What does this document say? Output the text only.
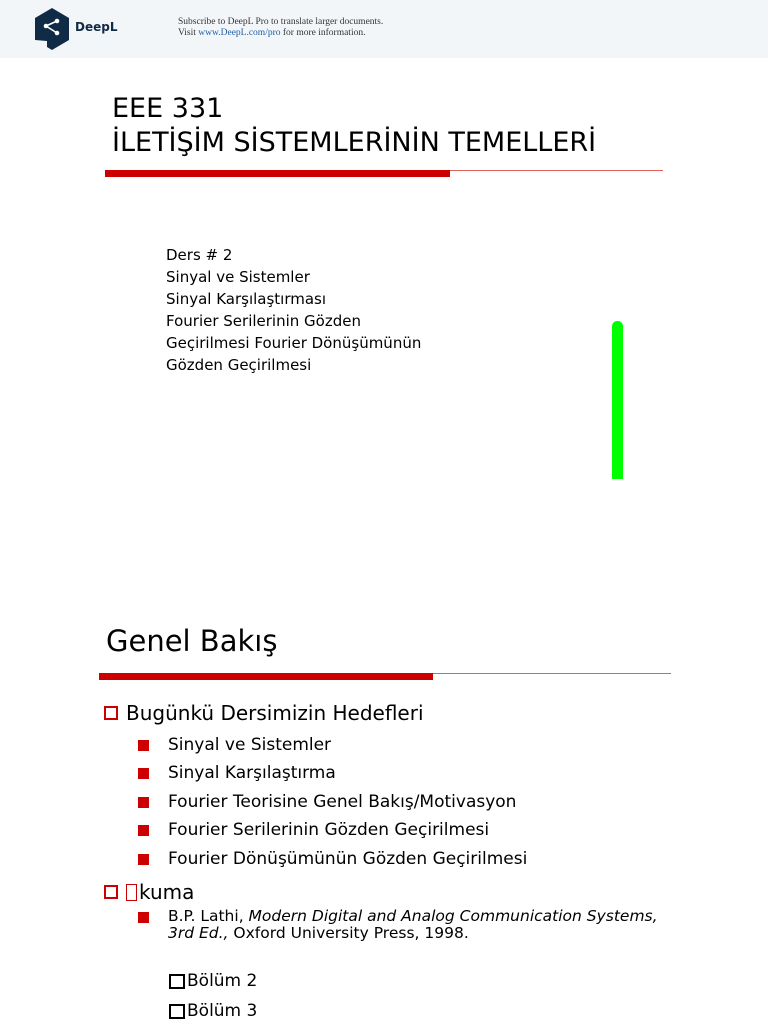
DeepL	Subscribe to DeepL Pro to translate larger documents.
Visit www.DeepL.com/pro for more information.
EEE 331
İLETİŞİM SİSTEMLERİNİN TEMELLERİ
Ders # 2
Sinyal ve Sistemler
Sinyal Karşılaştırması
Fourier Serilerinin Gözden
Geçirilmesi Fourier Dönüşümünün
Gözden Geçirilmesi
Genel Bakış
Bugünkü Dersimizin Hedefleri
Sinyal ve Sistemler
Sinyal Karşılaştırma
Fourier Teorisine Genel Bakış/Motivasyon
Fourier Serilerinin Gözden Geçirilmesi
Fourier Dönüşümünün Gözden Geçirilmesi
kuma
B.P. Lathi, Modern Digital and Analog Communication Systems, 3rd Ed., Oxford University Press, 1998.
Bölüm 2
Bölüm 3
